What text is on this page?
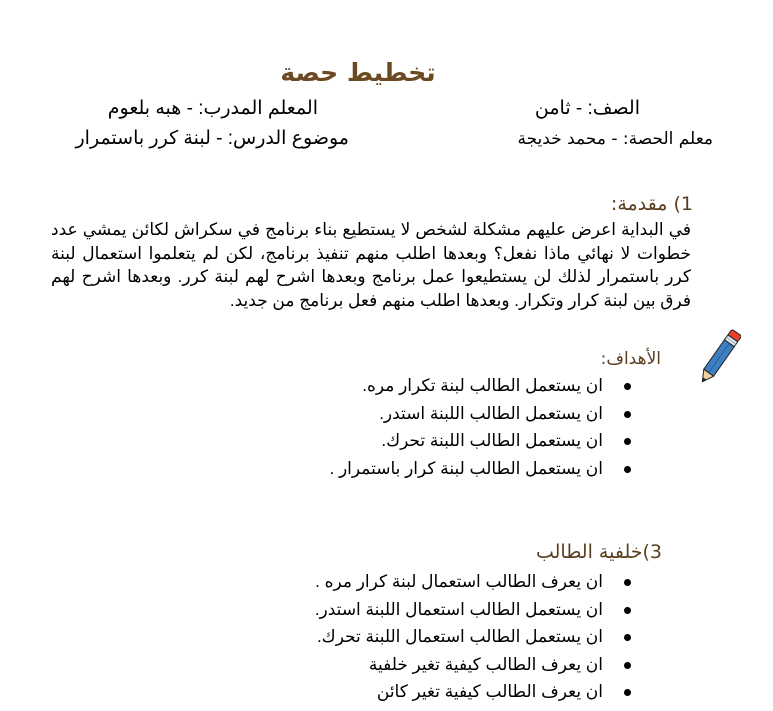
تخطيط حصة
الصف: - ثامن
المعلم المدرب: - هبه بلعوم
معلم الحصة: - محمد خديجة
موضوع الدرس: - لبنة كرر باستمرار
1) مقدمة:
في البداية اعرض عليهم مشكلة لشخص لا يستطيع بناء برنامج في سكراش لكائن يمشي عدد خطوات لا نهائي ماذا نفعل؟ وبعدها اطلب منهم تنفيذ برنامج، لكن لم يتعلموا استعمال لبنة كرر باستمرار لذلك لن يستطيعوا عمل برنامج وبعدها اشرح لهم لبنة كرر. وبعدها اشرح لهم فرق بين لبنة كرار وتكرار. وبعدها اطلب منهم فعل برنامج من جديد.
الأهداف:
ان يستعمل الطالب لبنة تكرار مره.
ان يستعمل الطالب اللبنة استدر.
ان يستعمل الطالب اللبنة تحرك.
ان يستعمل الطالب لبنة كرار باستمرار .
3)خلفية الطالب
ان يعرف الطالب استعمال لبنة كرار مره .
ان يستعمل الطالب استعمال اللبنة استدر.
ان يستعمل الطالب استعمال اللبنة تحرك.
ان يعرف الطالب كيفية تغير خلفية
ان يعرف الطالب كيفية تغير كائن
